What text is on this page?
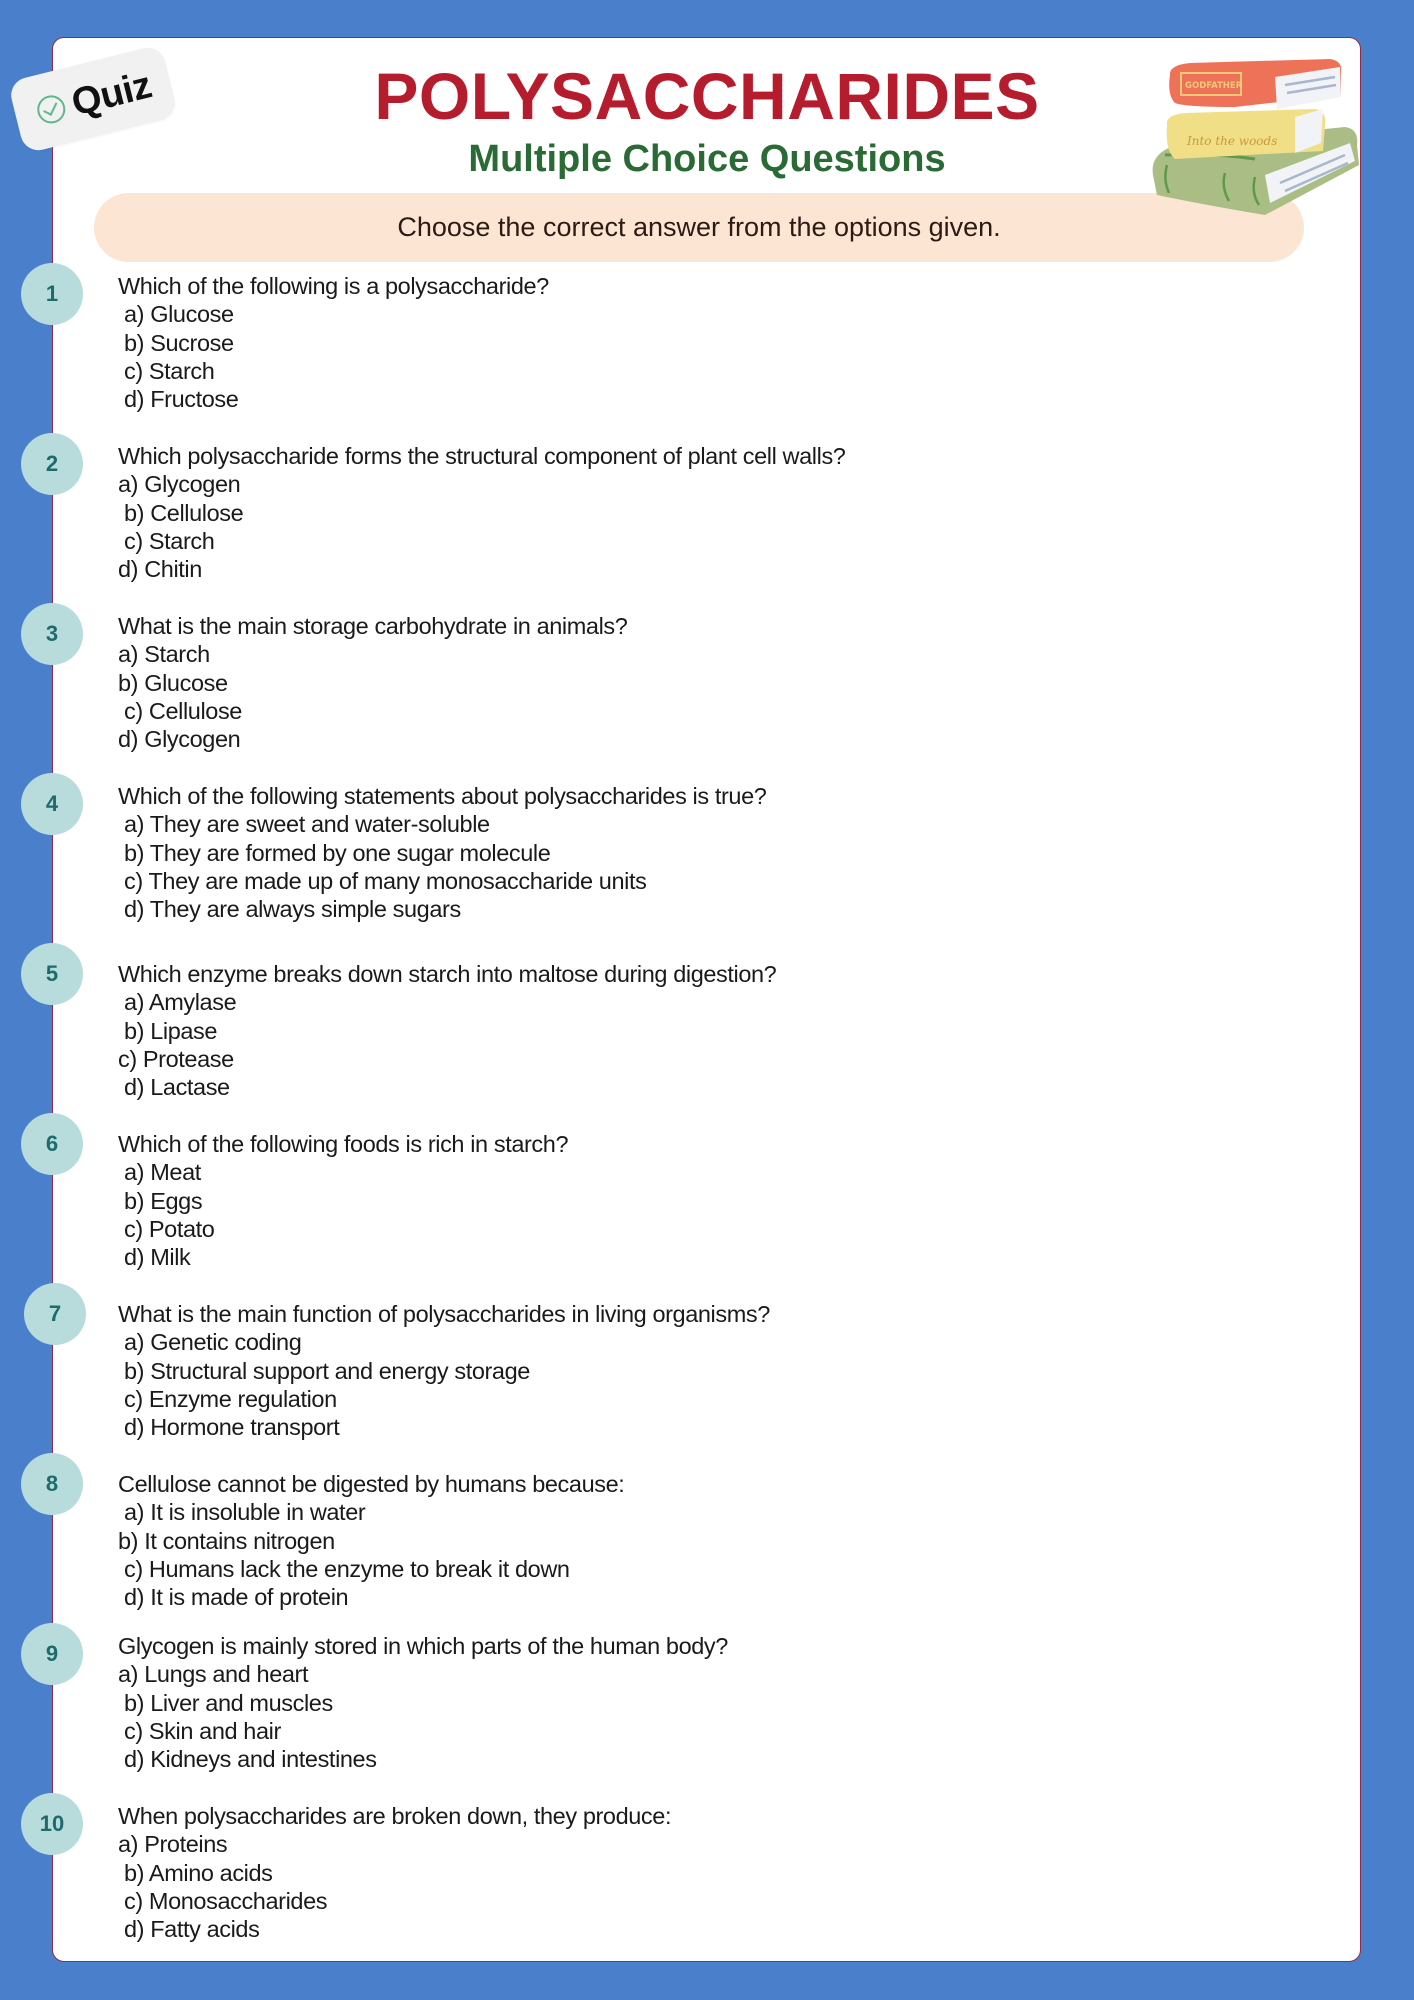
Quiz	POLYSACCHARIDES
Multiple Choice Questions
Choose the correct answer from the options given.
Into the woods
GODFATHER
1	Which of the following is a polysaccharide?
a) Glucose
b) Sucrose
c) Starch
d) Fructose
2	Which polysaccharide forms the structural component of plant cell walls?
a) Glycogen
b) Cellulose
c) Starch
d) Chitin
3	What is the main storage carbohydrate in animals?
a) Starch
b) Glucose
c) Cellulose
d) Glycogen
4	Which of the following statements about polysaccharides is true?
a) They are sweet and water-soluble
b) They are formed by one sugar molecule
c) They are made up of many monosaccharide units
d) They are always simple sugars
5	Which enzyme breaks down starch into maltose during digestion?
a) Amylase
b) Lipase
c) Protease
d) Lactase
6	Which of the following foods is rich in starch?
a) Meat
b) Eggs
c) Potato
d) Milk
7	What is the main function of polysaccharides in living organisms?
a) Genetic coding
b) Structural support and energy storage
c) Enzyme regulation
d) Hormone transport
8	Cellulose cannot be digested by humans because:
a) It is insoluble in water
b) It contains nitrogen
c) Humans lack the enzyme to break it down
d) It is made of protein
9	Glycogen is mainly stored in which parts of the human body?
a) Lungs and heart
b) Liver and muscles
c) Skin and hair
d) Kidneys and intestines
10	When polysaccharides are broken down, they produce:
a) Proteins
b) Amino acids
c) Monosaccharides
d) Fatty acids
